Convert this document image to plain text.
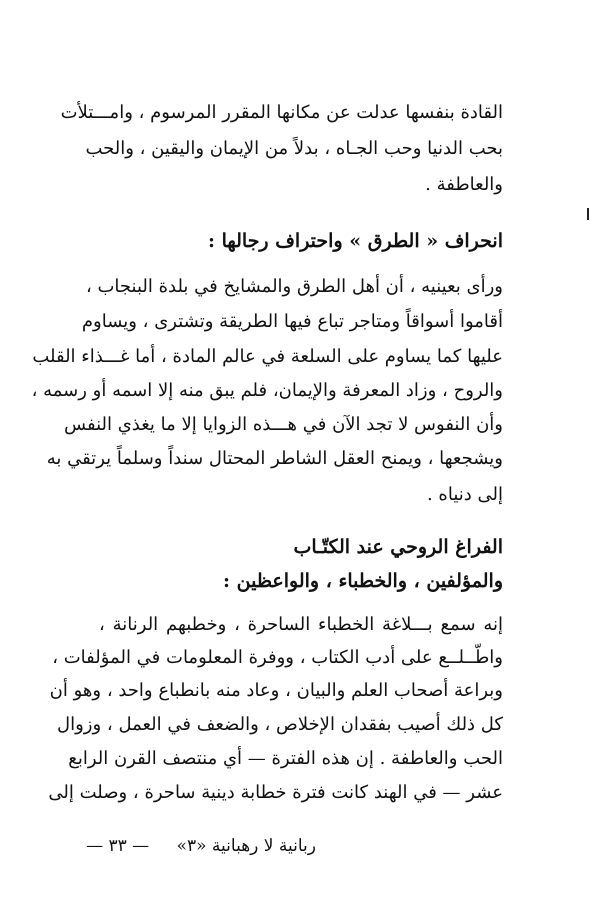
القادة بنفسها عدلت عن مكانها المقرر المرسوم ، وامـــتلأت
بحب الدنيا وحب الجـاه ، بدلاً من الإيمان واليقين ، والحب
والعاطفة .
انحراف « الطرق » واحتراف رجالها :
ورأى بعينيه ، أن أهل الطرق والمشايخ في بلدة البنجاب ،
أقاموا أسواقاً ومتاجر تباع فيها الطريقة وتشترى ، ويساوم
عليها كما يساوم على السلعة في عالم المادة ، أما غـــذاء القلب
والروح ، وزاد المعرفة والإيمان، فلم يبق منه إلا اسمه أو رسمه ،
وأن النفوس لا تجد الآن في هـــذه الزوايا إلا ما يغذي النفس
ويشجعها ، ويمنح العقل الشاطر المحتال سنداً وسلماً يرتقي به
إلى دنياه .
الفراغ الروحي عند الكتّـاب
والمؤلفين ، والخطباء ، والواعظين :
إنه سمع بـــلاغة الخطباء الساحرة ، وخطبهم الرنانة ،
واطّــلــع على أدب الكتاب ، ووفرة المعلومات في المؤلفات ،
وبراعة أصحاب العلم والبيان ، وعاد منه بانطباع واحد ، وهو أن
كل ذلك أصيب بفقدان الإخلاص ، والضعف في العمل ، وزوال
الحب والعاطفة . إن هذه الفترة — أي منتصف القرن الرابع
عشر — في الهند كانت فترة خطابة دينية ساحرة ، وصلت إلى
ربانية لا رهبانية «٣» — ٣٣ —
